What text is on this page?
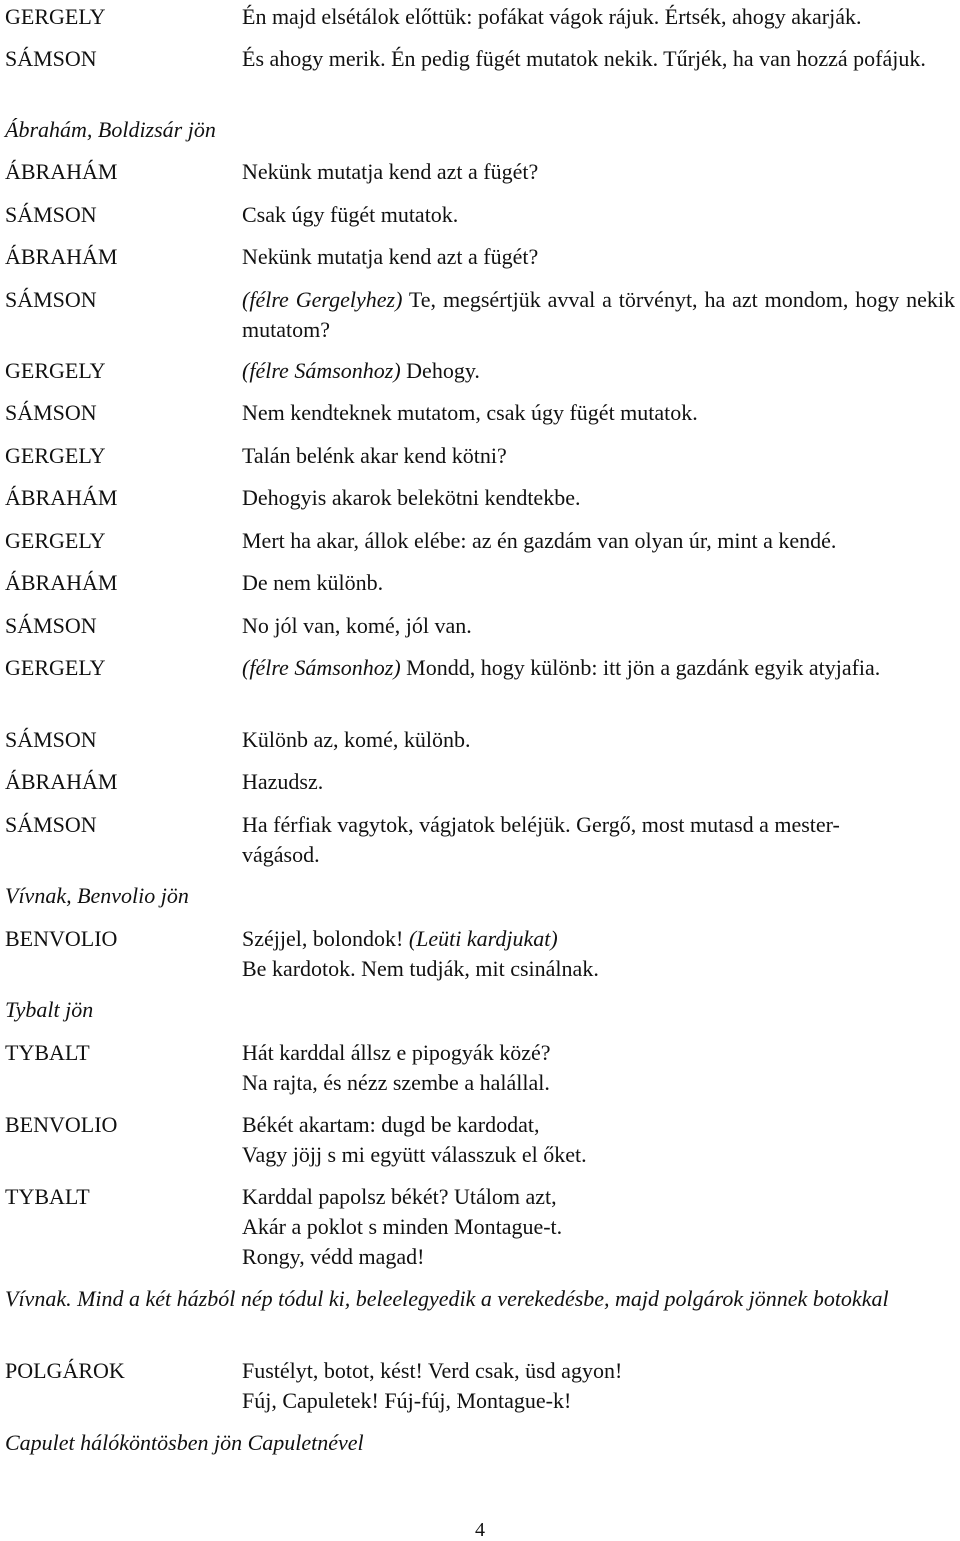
GERGELY	Én majd elsétálok előttük: pofákat vágok rájuk. Értsék, ahogy akarják.
SÁMSON	És ahogy merik. Én pedig fügét mutatok nekik. Tűrjék, ha van hozzá pofájuk.
Ábrahám, Boldizsár jön
ÁBRAHÁM	Nekünk mutatja kend azt a fügét?
SÁMSON	Csak úgy fügét mutatok.
ÁBRAHÁM	Nekünk mutatja kend azt a fügét?
SÁMSON	(félre Gergelyhez) Te, megsértjük avval a törvényt, ha azt mondom, hogy nekik mutatom?
GERGELY	(félre Sámsonhoz) Dehogy.
SÁMSON	Nem kendteknek mutatom, csak úgy fügét mutatok.
GERGELY	Talán belénk akar kend kötni?
ÁBRAHÁM	Dehogyis akarok belekötni kendtekbe.
GERGELY	Mert ha akar, állok elébe: az én gazdám van olyan úr, mint a kendé.
ÁBRAHÁM	De nem különb.
SÁMSON	No jól van, komé, jól van.
GERGELY	(félre Sámsonhoz) Mondd, hogy különb: itt jön a gazdánk egyik atyjafia.
SÁMSON	Különb az, komé, különb.
ÁBRAHÁM	Hazudsz.
SÁMSON	Ha férfiak vagytok, vágjatok beléjük. Gergő, most mutasd a mester-
vágásod.
Vívnak, Benvolio jön
BENVOLIO	Széjjel, bolondok! (Leüti kardjukat)
Be kardotok. Nem tudják, mit csinálnak.
Tybalt jön
TYBALT	Hát karddal állsz e pipogyák közé?
Na rajta, és nézz szembe a halállal.
BENVOLIO	Békét akartam: dugd be kardodat,
Vagy jöjj s mi együtt válasszuk el őket.
TYBALT	Karddal papolsz békét? Utálom azt,
Akár a poklot s minden Montague-t.
Rongy, védd magad!
Vívnak. Mind a két házból nép tódul ki, beleelegyedik a verekedésbe, majd polgárok jönnek botokkal
POLGÁROK	Fustélyt, botot, kést! Verd csak, üsd agyon!
Fúj, Capuletek! Fúj-fúj, Montague-k!
Capulet hálóköntösben jön Capuletnével
4
